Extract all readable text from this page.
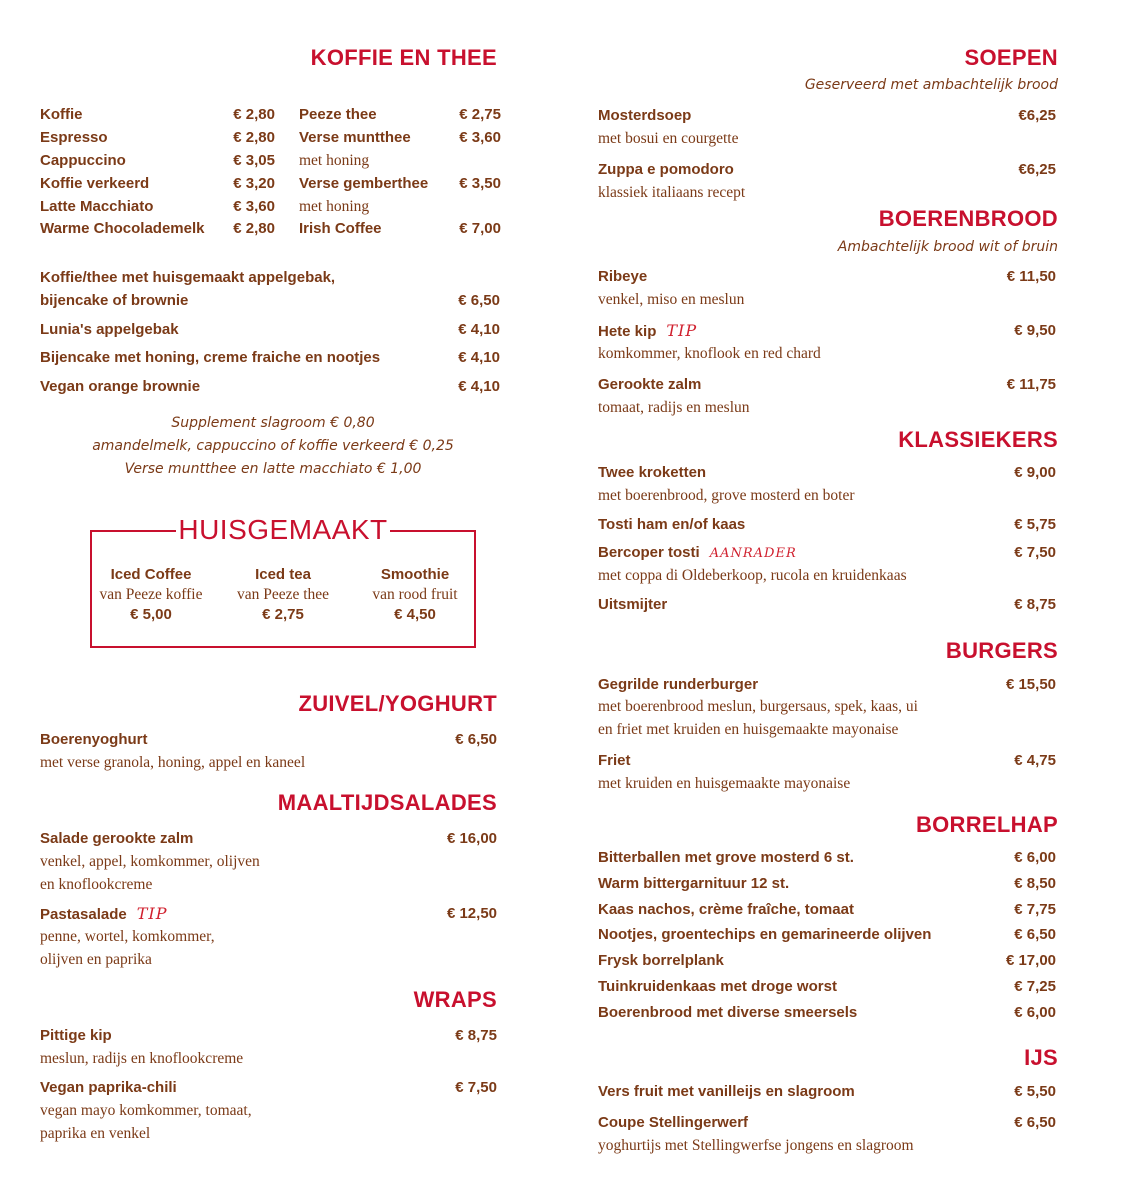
KOFFIE EN THEE
Koffie	€ 2,80
Espresso	€ 2,80
Cappuccino	€ 3,05
Koffie verkeerd	€ 3,20
Latte Macchiato	€ 3,60
Warme Chocolademelk € 2,80
Peeze thee	€ 2,75
Verse muntthee	€ 3,60
met honing
Verse gemberthee € 3,50
met honing
Irish Coffee	€ 7,00
Koffie/thee met huisgemaakt appelgebak,
bijencake of brownie	€ 6,50
Lunia's appelgebak	€ 4,10
Bijencake met honing, creme fraiche en nootjes	€ 4,10
Vegan orange brownie	€ 4,10
Supplement slagroom € 0,80
amandelmelk, cappuccino of koffie verkeerd € 0,25
Verse muntthee en latte macchiato € 1,00
HUISGEMAAKT
Iced Coffee
van Peeze koffie
€ 5,00
Iced tea
van Peeze thee
€ 2,75
Smoothie
van rood fruit
€ 4,50
ZUIVEL/YOGHURT
Boerenyoghurt	€ 6,50
met verse granola, honing, appel en kaneel
MAALTIJDSALADES
Salade gerookte zalm	€ 16,00
venkel, appel, komkommer, olijven
en knoflookcreme
Pastasalade TIP	€ 12,50
penne, wortel, komkommer,
olijven en paprika
WRAPS
Pittige kip	€ 8,75
meslun, radijs en knoflookcreme
Vegan paprika-chili	€ 7,50
vegan mayo komkommer, tomaat,
paprika en venkel
SOEPEN
Geserveerd met ambachtelijk brood
Mosterdsoep	€6,25
met bosui en courgette
Zuppa e pomodoro	€6,25
klassiek italiaans recept
BOERENBROOD
Ambachtelijk brood wit of bruin
Ribeye	€ 11,50
venkel, miso en meslun
Hete kip TIP	€ 9,50
komkommer, knoflook en red chard
Gerookte zalm	€ 11,75
tomaat, radijs en meslun
KLASSIEKERS
Twee kroketten	€ 9,00
met boerenbrood, grove mosterd en boter
Tosti ham en/of kaas	€ 5,75
Bercoper tosti AANRADER	€ 7,50
met coppa di Oldeberkoop, rucola en kruidenkaas
Uitsmijter	€ 8,75
BURGERS
Gegrilde runderburger	€ 15,50
met boerenbrood meslun, burgersaus, spek, kaas, ui
en friet met kruiden en huisgemaakte mayonaise
Friet	€ 4,75
met kruiden en huisgemaakte mayonaise
BORRELHAP
Bitterballen met grove mosterd 6 st.	€ 6,00
Warm bittergarnituur 12 st.	€ 8,50
Kaas nachos, crème fraîche, tomaat	€ 7,75
Nootjes, groentechips en gemarineerde olijven	€ 6,50
Frysk borrelplank	€ 17,00
Tuinkruidenkaas met droge worst	€ 7,25
Boerenbrood met diverse smeersels	€ 6,00
IJS
Vers fruit met vanilleijs en slagroom	€ 5,50
Coupe Stellingerwerf	€ 6,50
yoghurtijs met Stellingwerfse jongens en slagroom
